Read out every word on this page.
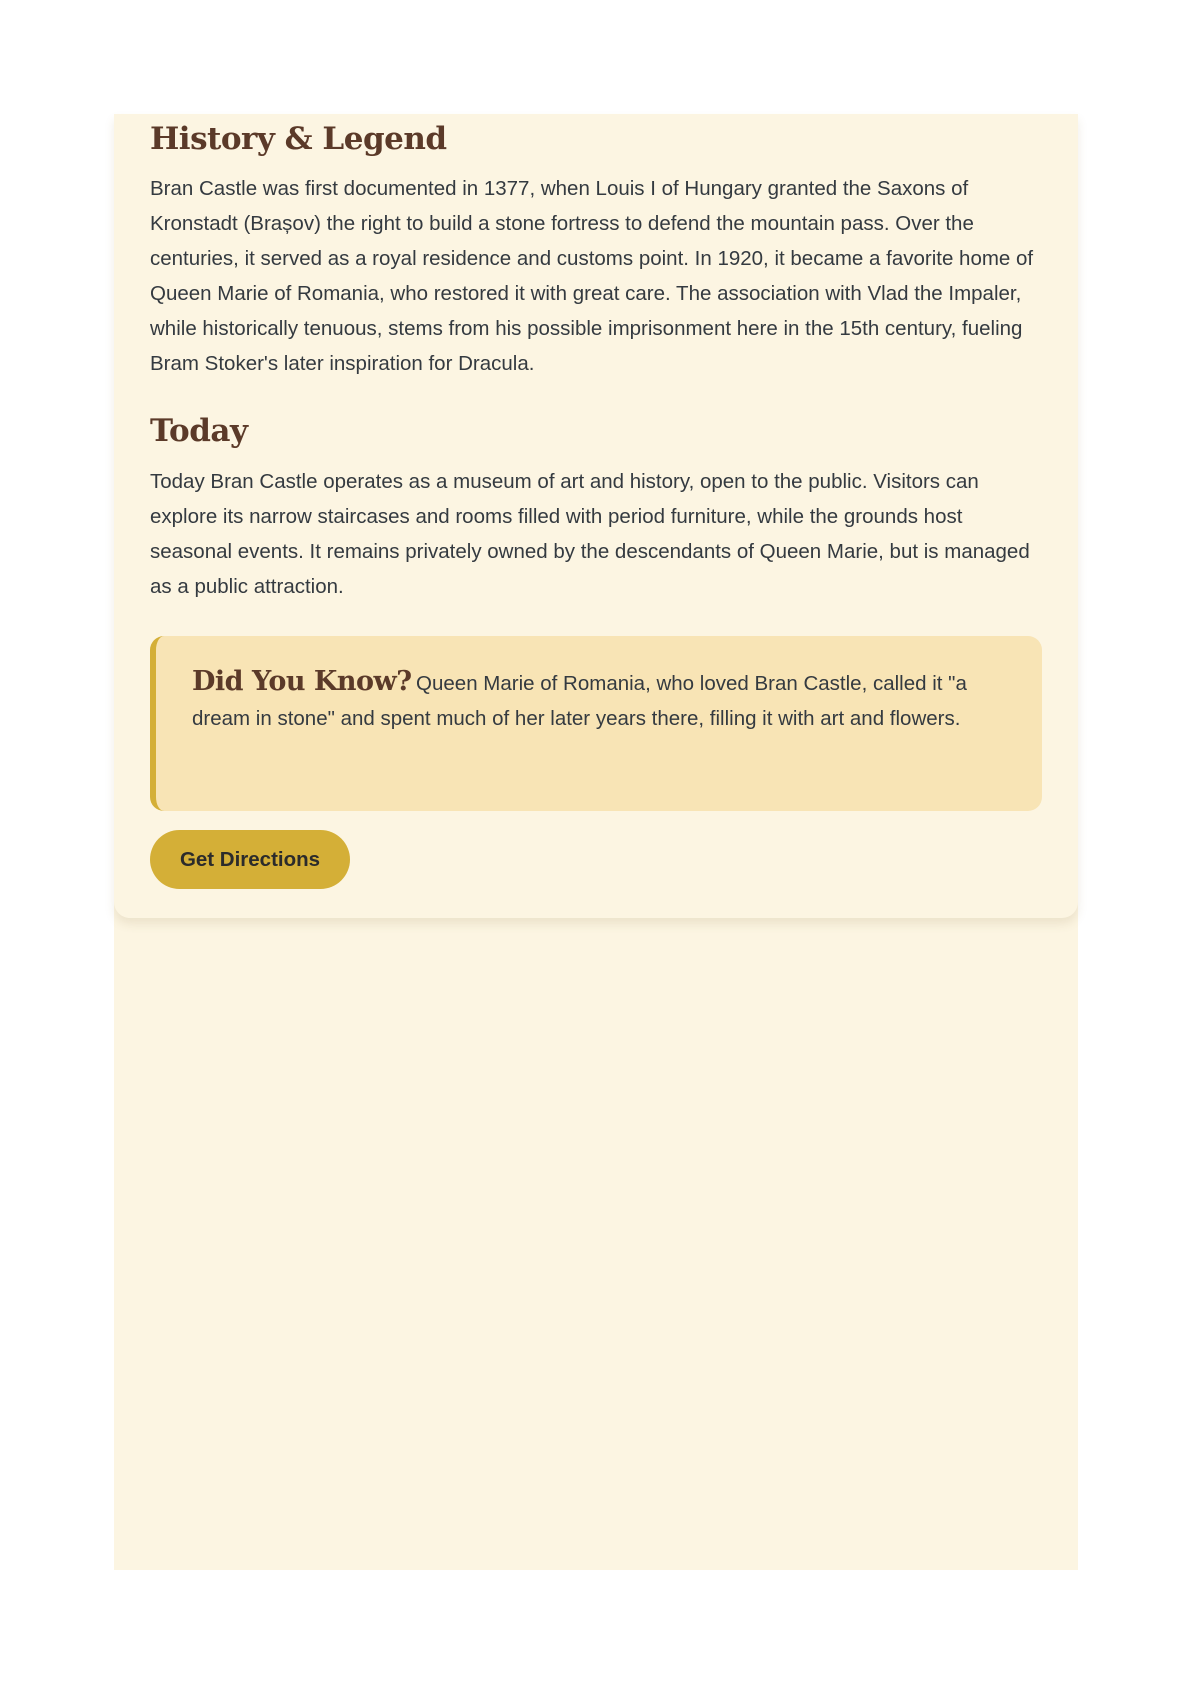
History & Legend

Bran Castle was first documented in 1377, when Louis I of Hungary granted the Saxons of Kronstadt (Brașov) the right to build a stone fortress to defend the mountain pass. Over the centuries, it served as a royal residence and customs point. In 1920, it became a favorite home of Queen Marie of Romania, who restored it with great care. The association with Vlad the Impaler, while historically tenuous, stems from his possible imprisonment here in the 15th century, fueling Bram Stoker's later inspiration for Dracula.

Today

Today Bran Castle operates as a museum of art and history, open to the public. Visitors can explore its narrow staircases and rooms filled with period furniture, while the grounds host seasonal events. It remains privately owned by the descendants of Queen Marie, but is managed as a public attraction.

Did You Know? Queen Marie of Romania, who loved Bran Castle, called it "a dream in stone" and spent much of her later years there, filling it with art and flowers.
Get Directions
